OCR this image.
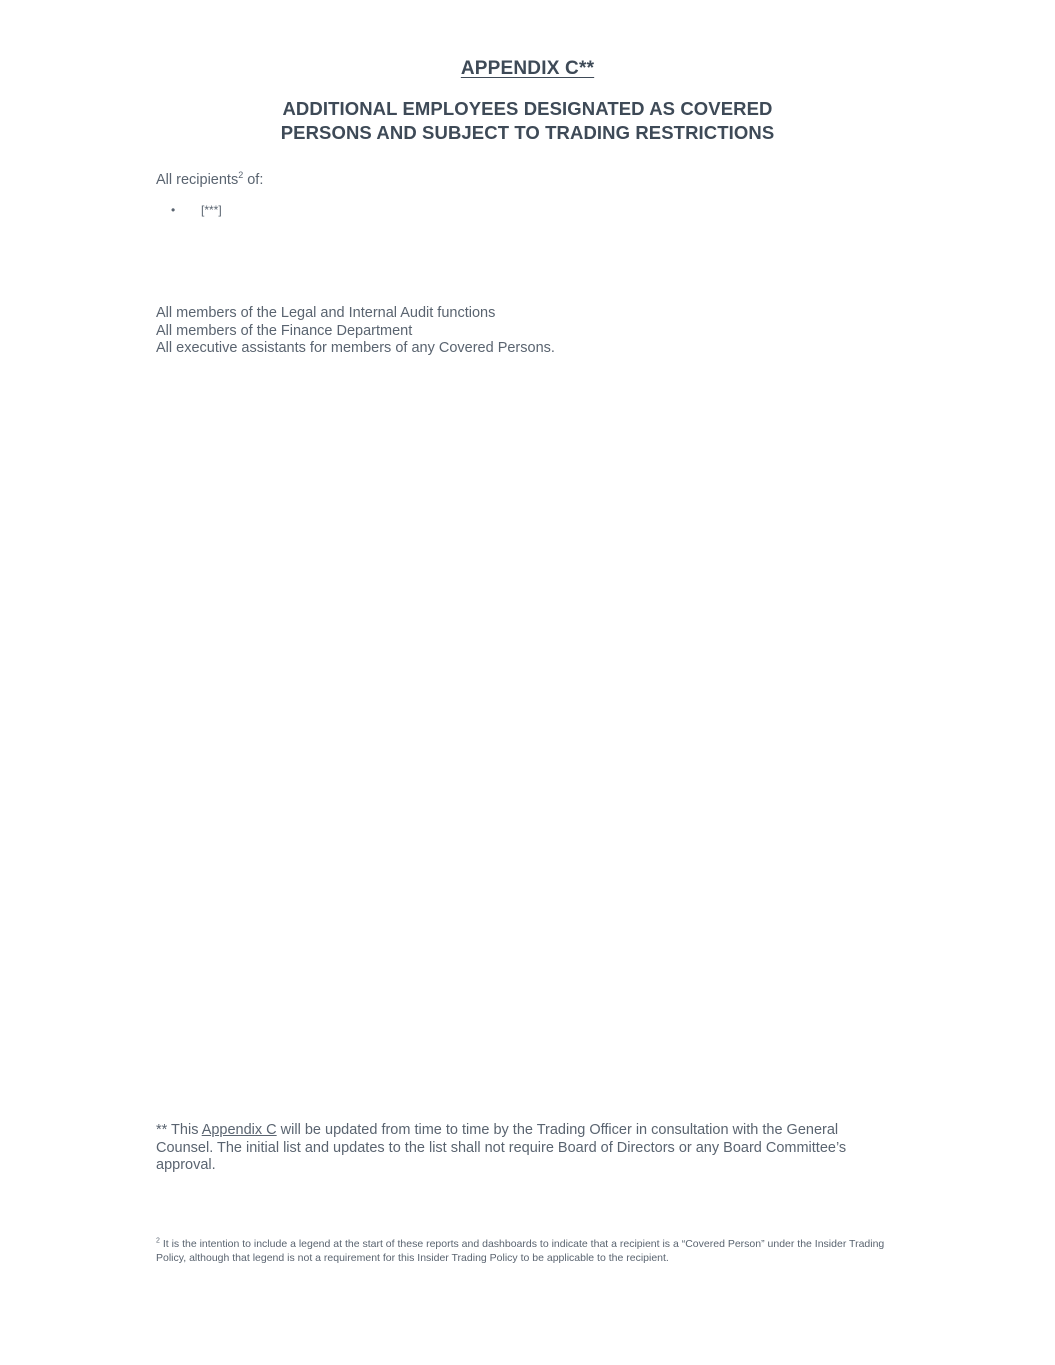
APPENDIX C**
ADDITIONAL EMPLOYEES DESIGNATED AS COVERED
PERSONS AND SUBJECT TO TRADING RESTRICTIONS
All recipients$^2$ of:
• [***]
All members of the Legal and Internal Audit functions
All members of the Finance Department
All executive assistants for members of any Covered Persons.
** This Appendix C will be updated from time to time by the Trading Officer in consultation with the General Counsel. The initial list and updates to the list shall not require Board of Directors or any Board Committee’s approval.
$^2$ It is the intention to include a legend at the start of these reports and dashboards to indicate that a recipient is a “Covered Person” under the Insider Trading Policy, although that legend is not a requirement for this Insider Trading Policy to be applicable to the recipient.
